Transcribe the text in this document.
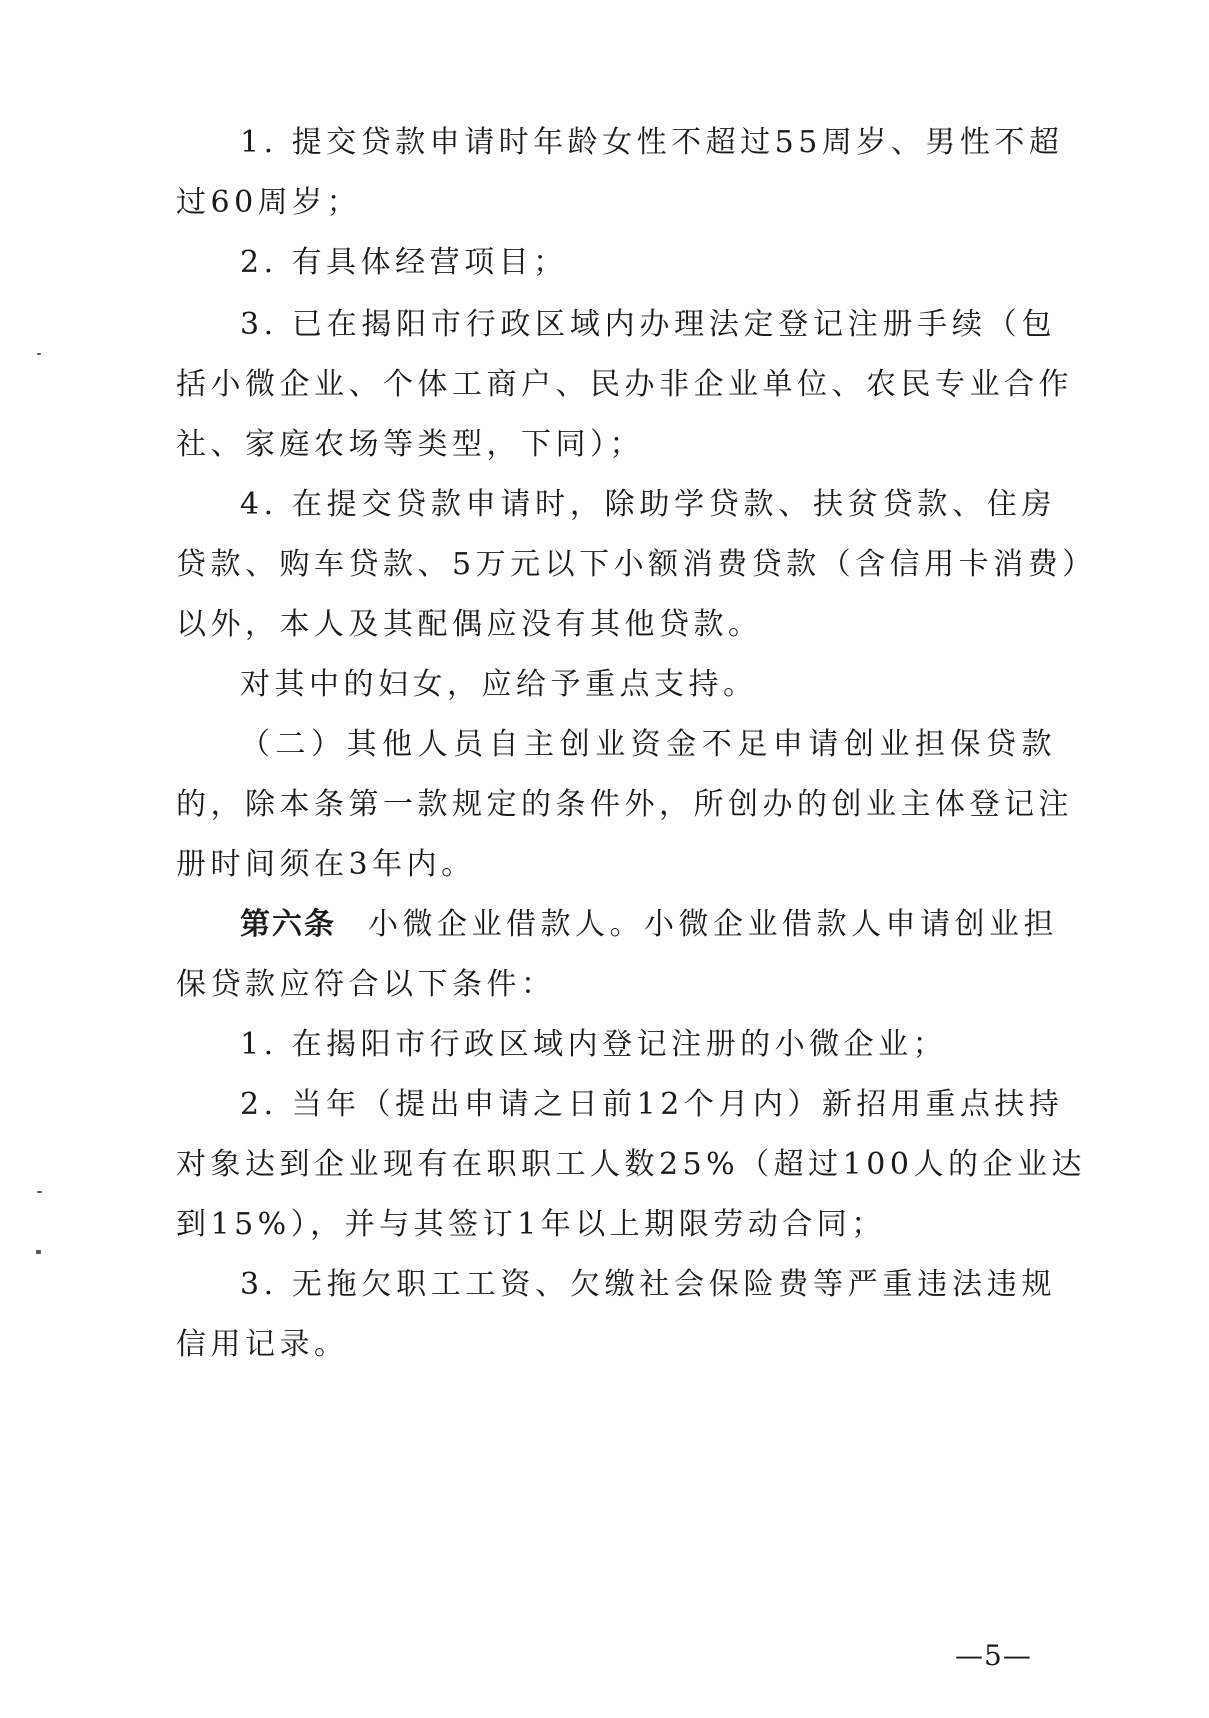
1. 提交贷款申请时年龄女性不超过55周岁、男性不超
过60周岁；
2. 有具体经营项目；
3. 已在揭阳市行政区域内办理法定登记注册手续（包
括小微企业、个体工商户、民办非企业单位、农民专业合作
社、家庭农场等类型，下同）；
4. 在提交贷款申请时，除助学贷款、扶贫贷款、住房
贷款、购车贷款、5万元以下小额消费贷款（含信用卡消费）
以外，本人及其配偶应没有其他贷款。
对其中的妇女，应给予重点支持。
（二）其他人员自主创业资金不足申请创业担保贷款
的，除本条第一款规定的条件外，所创办的创业主体登记注
册时间须在3年内。
第六条 小微企业借款人。小微企业借款人申请创业担
保贷款应符合以下条件：
1. 在揭阳市行政区域内登记注册的小微企业；
2. 当年（提出申请之日前12个月内）新招用重点扶持
对象达到企业现有在职职工人数25%（超过100人的企业达
到15%），并与其签订1年以上期限劳动合同；
3. 无拖欠职工工资、欠缴社会保险费等严重违法违规
信用记录。
—5—
